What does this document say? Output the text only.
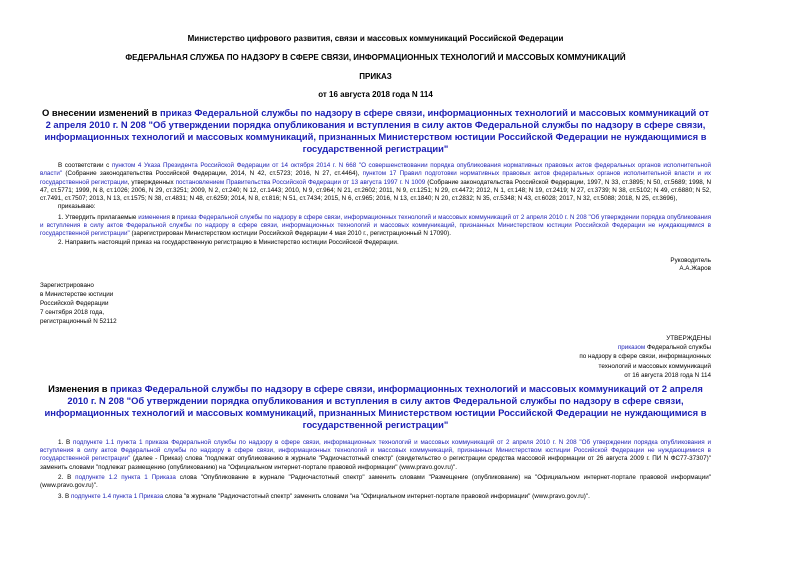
Министерство цифрового развития, связи и массовых коммуникаций Российской Федерации
ФЕДЕРАЛЬНАЯ СЛУЖБА ПО НАДЗОРУ В СФЕРЕ СВЯЗИ, ИНФОРМАЦИОННЫХ ТЕХНОЛОГИЙ И МАССОВЫХ КОММУНИКАЦИЙ
ПРИКАЗ
от 16 августа 2018 года N 114
О внесении изменений в приказ Федеральной службы по надзору в сфере связи, информационных технологий и массовых коммуникаций от 2 апреля 2010 г. N 208 "Об утверждении порядка опубликования и вступления в силу актов Федеральной службы по надзору в сфере связи, информационных технологий и массовых коммуникаций, признанных Министерством юстиции Российской Федерации не нуждающимися в государственной регистрации"

В соответствии с пунктом 4 Указа Президента Российской Федерации от 14 октября 2014 г. N 668 "О совершенствовании порядка опубликования нормативных правовых актов федеральных органов исполнительной власти" (Собрание законодательства Российской Федерации, 2014, N 42, ст.5723; 2016, N 27, ст.4464), пунктом 17 Правил подготовки нормативных правовых актов федеральных органов исполнительной власти и их государственной регистрации, утвержденных постановлением Правительства Российской Федерации от 13 августа 1997 г. N 1009 (Собрание законодательства Российской Федерации, 1997, N 33, ст.3895; N 50, ст.5689; 1998, N 47, ст.5771; 1999, N 8, ст.1026; 2006, N 29, ст.3251; 2009, N 2, ст.240; N 12, ст.1443; 2010, N 9, ст.964; N 21, ст.2602; 2011, N 9, ст.1251; N 29, ст.4472; 2012, N 1, ст.148; N 19, ст.2419; N 27, ст.3739; N 38, ст.5102; N 49, ст.6880; N 52, ст.7491, ст.7507; 2013, N 13, ст.1575; N 38, ст.4831; N 48, ст.6259; 2014, N 8, ст.816; N 51, ст.7434; 2015, N 6, ст.965; 2016, N 13, ст.1840; N 20, ст.2832; N 35, ст.5348; N 43, ст.6028; 2017, N 32, ст.5088; 2018, N 25, ст.3696),

приказываю:

1. Утвердить прилагаемые изменения в приказ Федеральной службы по надзору в сфере связи, информационных технологий и массовых коммуникаций от 2 апреля 2010 г. N 208 "Об утверждении порядка опубликования и вступления в силу актов Федеральной службы по надзору в сфере связи, информационных технологий и массовых коммуникаций, признанных Министерством юстиции Российской Федерации не нуждающимися в государственной регистрации" (зарегистрирован Министерством юстиции Российской Федерации 4 мая 2010 г., регистрационный N 17090).

2. Направить настоящий приказ на государственную регистрацию в Министерство юстиции Российской Федерации.

Руководитель
А.А.Жаров
Зарегистрировано
в Министерстве юстиции
Российской Федерации
7 сентября 2018 года,
регистрационный N 52112
УТВЕРЖДЕНЫ
приказом Федеральной службы
по надзору в сфере связи, информационных
технологий и массовых коммуникаций
от 16 августа 2018 года N 114
Изменения в приказ Федеральной службы по надзору в сфере связи, информационных технологий и массовых коммуникаций от 2 апреля 2010 г. N 208 "Об утверждении порядка опубликования и вступления в силу актов Федеральной службы по надзору в сфере связи, информационных технологий и массовых коммуникаций, признанных Министерством юстиции Российской Федерации не нуждающимися в государственной регистрации"

1. В подпункте 1.1 пункта 1 приказа Федеральной службы по надзору в сфере связи, информационных технологий и массовых коммуникаций от 2 апреля 2010 г. N 208 "Об утверждении порядка опубликования и вступления в силу актов Федеральной службы по надзору в сфере связи, информационных технологий и массовых коммуникаций, признанных Министерством юстиции Российской Федерации не нуждающимися в государственной регистрации" (далее - Приказ) слова "подлежат опубликованию в журнале "Радиочастотный спектр" (свидетельство о регистрации средства массовой информации от 26 августа 2009 г. ПИ N ФС77-37307)" заменить словами "подлежат размещению (опубликованию) на "Официальном интернет-портале правовой информации" (www.pravo.gov.ru)".

2. В подпункте 1.2 пункта 1 Приказа слова "Опубликование в журнале "Радиочастотный спектр" заменить словами "Размещение (опубликование) на "Официальном интернет-портале правовой информации" (www.pravo.gov.ru)".

3. В подпункте 1.4 пункта 1 Приказа слова "в журнале "Радиочастотный спектр" заменить словами "на "Официальном интернет-портале правовой информации" (www.pravo.gov.ru)".
